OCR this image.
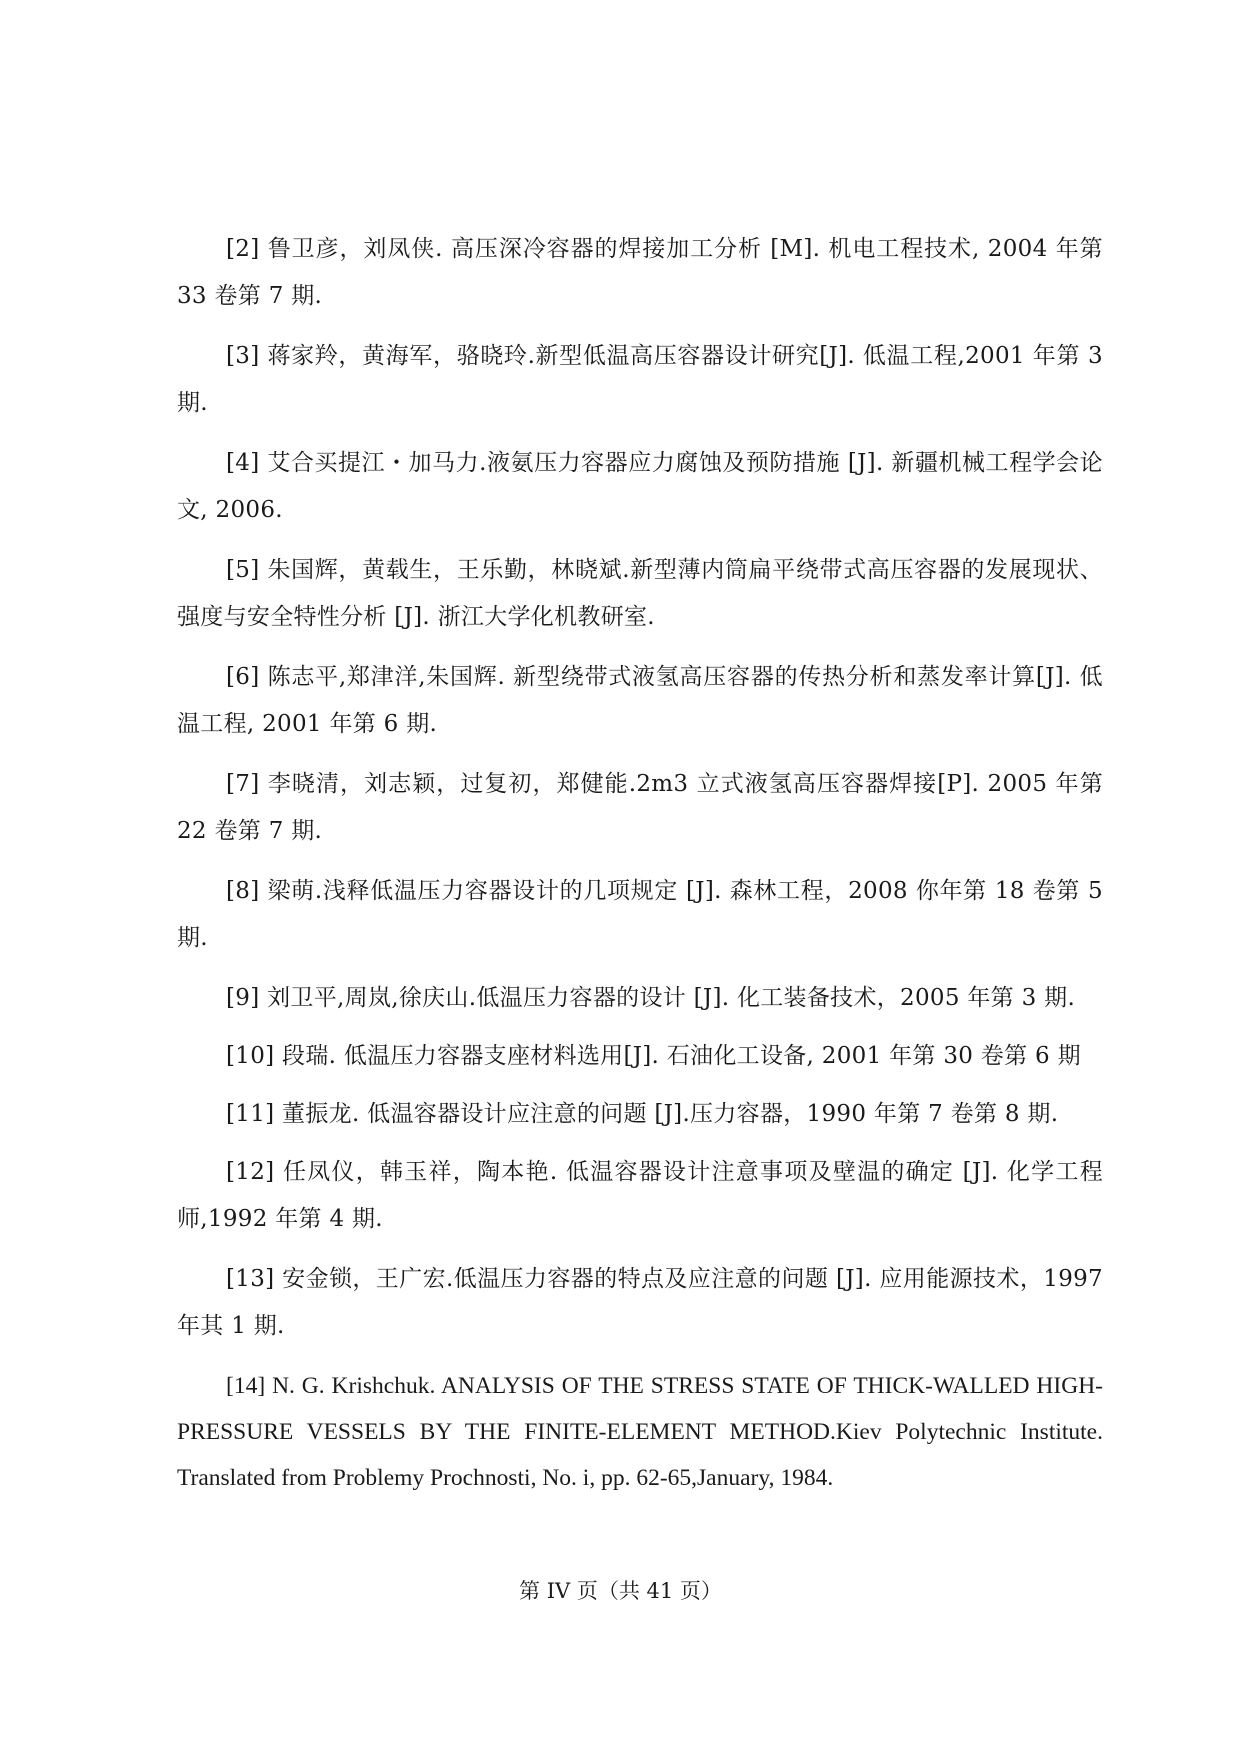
[2] 鲁卫彦，刘凤侠. 高压深冷容器的焊接加工分析 [M]. 机电工程技术, 2004 年第 33 卷第 7 期.

[3] 蒋家羚，黄海军，骆晓玲.新型低温高压容器设计研究[J]. 低温工程,2001 年第 3 期.

[4] 艾合买提江・加马力.液氨压力容器应力腐蚀及预防措施 [J]. 新疆机械工程学会论文, 2006.

[5] 朱国辉，黄载生，王乐勤，林晓斌.新型薄内筒扁平绕带式高压容器的发展现状、强度与安全特性分析 [J]. 浙江大学化机教研室.

[6] 陈志平,郑津洋,朱国辉. 新型绕带式液氢高压容器的传热分析和蒸发率计算[J]. 低温工程, 2001 年第 6 期.

[7] 李晓清，刘志颖，过复初，郑健能.2m3 立式液氢高压容器焊接[P]. 2005 年第 22 卷第 7 期.

[8] 梁萌.浅释低温压力容器设计的几项规定 [J]. 森林工程，2008 你年第 18 卷第 5 期.

[9] 刘卫平,周岚,徐庆山.低温压力容器的设计 [J]. 化工装备技术，2005 年第 3 期.

[10] 段瑞. 低温压力容器支座材料选用[J]. 石油化工设备, 2001 年第 30 卷第 6 期

[11] 董振龙. 低温容器设计应注意的问题 [J].压力容器，1990 年第 7 卷第 8 期.

[12] 任凤仪，韩玉祥，陶本艳. 低温容器设计注意事项及壁温的确定 [J]. 化学工程师,1992 年第 4 期.

[13] 安金锁，王广宏.低温压力容器的特点及应注意的问题 [J]. 应用能源技术，1997 年其 1 期.

[14] N. G. Krishchuk. ANALYSIS OF THE STRESS STATE OF THICK-WALLED HIGH-PRESSURE VESSELS BY THE FINITE-ELEMENT METHOD.Kiev Polytechnic Institute. Translated from Problemy Prochnosti, No. i, pp. 62-65,January, 1984.

第 IV 页（共 41 页）
